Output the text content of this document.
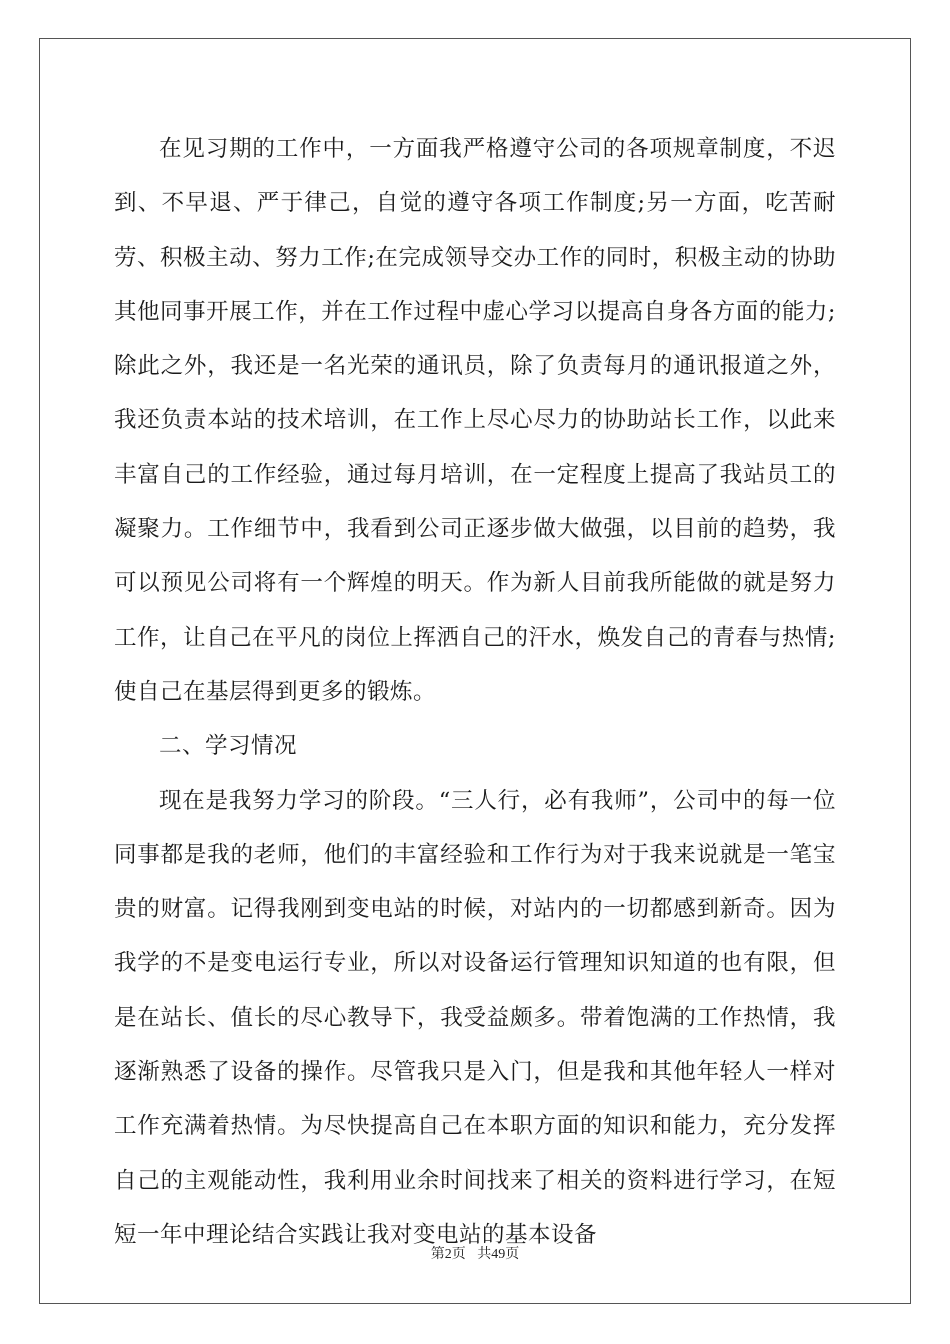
在见习期的工作中，一方面我严格遵守公司的各项规章制度，不迟到、不早退、严于律己，自觉的遵守各项工作制度;另一方面，吃苦耐劳、积极主动、努力工作;在完成领导交办工作的同时，积极主动的协助其他同事开展工作，并在工作过程中虚心学习以提高自身各方面的能力;除此之外，我还是一名光荣的通讯员，除了负责每月的通讯报道之外，我还负责本站的技术培训，在工作上尽心尽力的协助站长工作，以此来丰富自己的工作经验，通过每月培训，在一定程度上提高了我站员工的凝聚力。工作细节中，我看到公司正逐步做大做强，以目前的趋势，我可以预见公司将有一个辉煌的明天。作为新人目前我所能做的就是努力工作，让自己在平凡的岗位上挥洒自己的汗水，焕发自己的青春与热情;使自己在基层得到更多的锻炼。

二、学习情况

现在是我努力学习的阶段。“三人行，必有我师”，公司中的每一位同事都是我的老师，他们的丰富经验和工作行为对于我来说就是一笔宝贵的财富。记得我刚到变电站的时候，对站内的一切都感到新奇。因为我学的不是变电运行专业，所以对设备运行管理知识知道的也有限，但是在站长、值长的尽心教导下，我受益颇多。带着饱满的工作热情，我逐渐熟悉了设备的操作。尽管我只是入门，但是我和其他年轻人一样对工作充满着热情。为尽快提高自己在本职方面的知识和能力，充分发挥自己的主观能动性，我利用业余时间找来了相关的资料进行学习，在短短一年中理论结合实践让我对变电站的基本设备

第2页 共49页
